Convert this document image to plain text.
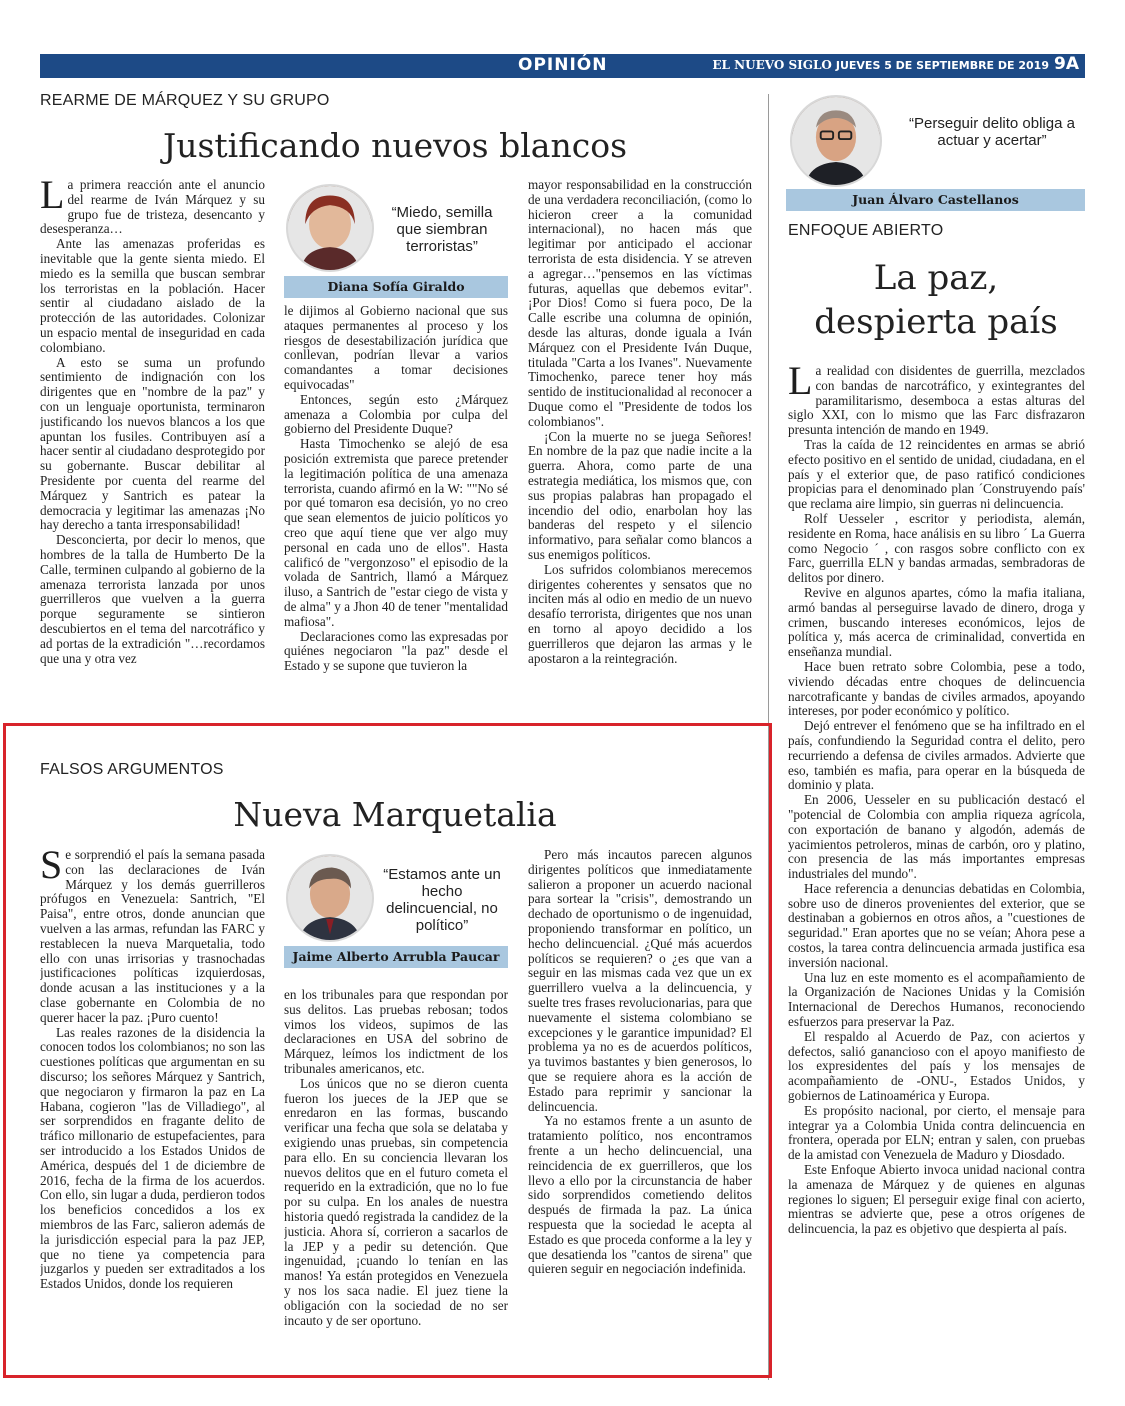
OPINIÓN	EL NUEVO SIGLO JUEVES 5 DE SEPTIEMBRE DE 2019 9A
REARME DE MÁRQUEZ Y SU GRUPO
Justificando nuevos blancos

La primera reacción ante el anuncio del rearme de Iván Márquez y su grupo fue de tristeza, desencanto y desesperanza…

Ante las amenazas proferidas es inevitable que la gente sienta miedo. El miedo es la semilla que buscan sembrar los terroristas en la población. Hacer sentir al ciudadano aislado de la protección de las autoridades. Colonizar un espacio mental de inseguridad en cada colombiano.

A esto se suma un profundo sentimiento de indignación con los dirigentes que en "nombre de la paz" y con un lenguaje oportunista, terminaron justificando los nuevos blancos a los que apuntan los fusiles. Contribuyen así a hacer sentir al ciudadano desprotegido por su gobernante. Buscar debilitar al Presidente por cuenta del rearme del Márquez y Santrich es patear la democracia y legitimar las amenazas ¡No hay derecho a tanta irresponsabilidad!

Desconcierta, por decir lo menos, que hombres de la talla de Humberto De la Calle, terminen culpando al gobierno de la amenaza terrorista lanzada por unos guerrilleros que vuelven a la guerra porque seguramente se sintieron descubiertos en el tema del narcotráfico y ad portas de la extradición "…recordamos que una y otra vez

“Miedo, semilla que siembran terroristas”
Diana Sofía Giraldo

le dijimos al Gobierno nacional que sus ataques permanentes al proceso y los riesgos de desestabilización jurídica que conllevan, podrían llevar a varios comandantes a tomar decisiones equivocadas"

Entonces, según esto ¿Márquez amenaza a Colombia por culpa del gobierno del Presidente Duque?

Hasta Timochenko se alejó de esa posición extremista que parece pretender la legitimación política de una amenaza terrorista, cuando afirmó en la W: ""No sé por qué tomaron esa decisión, yo no creo que sean elementos de juicio políticos yo creo que aquí tiene que ver algo muy personal en cada uno de ellos". Hasta calificó de "vergonzoso" el episodio de la volada de Santrich, llamó a Márquez iluso, a Santrich de "estar ciego de vista y de alma" y a Jhon 40 de tener "mentalidad mafiosa".

Declaraciones como las expresadas por quiénes negociaron "la paz" desde el Estado y se supone que tuvieron la

mayor responsabilidad en la construcción de una verdadera reconciliación, (como lo hicieron creer a la comunidad internacional), no hacen más que legitimar por anticipado el accionar terrorista de esta disidencia. Y se atreven a agregar…"pensemos en las víctimas futuras, aquellas que debemos evitar". ¡Por Dios! Como si fuera poco, De la Calle escribe una columna de opinión, desde las alturas, donde iguala a Iván Márquez con el Presidente Iván Duque, titulada "Carta a los Ivanes". Nuevamente Timochenko, parece tener hoy más sentido de institucionalidad al reconocer a Duque como el "Presidente de todos los colombianos".

¡Con la muerte no se juega Señores! En nombre de la paz que nadie incite a la guerra. Ahora, como parte de una estrategia mediática, los mismos que, con sus propias palabras han propagado el incendio del odio, enarbolan hoy las banderas del respeto y el silencio informativo, para señalar como blancos a sus enemigos políticos.

Los sufridos colombianos merecemos dirigentes coherentes y sensatos que no inciten más al odio en medio de un nuevo desafío terrorista, dirigentes que nos unan en torno al apoyo decidido a los guerrilleros que dejaron las armas y le apostaron a la reintegración.

FALSOS ARGUMENTOS
Nueva Marquetalia

Se sorprendió el país la semana pasada con las declaraciones de Iván Márquez y los demás guerrilleros prófugos en Venezuela: Santrich, "El Paisa", entre otros, donde anuncian que vuelven a las armas, refundan las FARC y restablecen la nueva Marquetalia, todo ello con unas irrisorias y trasnochadas justificaciones políticas izquierdosas, donde acusan a las instituciones y a la clase gobernante en Colombia de no querer hacer la paz. ¡Puro cuento!

Las reales razones de la disidencia la conocen todos los colombianos; no son las cuestiones políticas que argumentan en su discurso; los señores Márquez y Santrich, que negociaron y firmaron la paz en La Habana, cogieron "las de Villadiego", al ser sorprendidos en fragante delito de tráfico millonario de estupefacientes, para ser introducido a los Estados Unidos de América, después del 1 de diciembre de 2016, fecha de la firma de los acuerdos. Con ello, sin lugar a duda, perdieron todos los beneficios concedidos a los ex miembros de las Farc, salieron además de la jurisdicción especial para la paz JEP, que no tiene ya competencia para juzgarlos y pueden ser extraditados a los Estados Unidos, donde los requieren

“Estamos ante un hecho delincuencial, no político”
Jaime Alberto Arrubla Paucar

en los tribunales para que respondan por sus delitos. Las pruebas rebosan; todos vimos los videos, supimos de las declaraciones en USA del sobrino de Márquez, leímos los indictment de los tribunales americanos, etc.

Los únicos que no se dieron cuenta fueron los jueces de la JEP que se enredaron en las formas, buscando verificar una fecha que sola se delataba y exigiendo unas pruebas, sin competencia para ello. En su conciencia llevaran los nuevos delitos que en el futuro cometa el requerido en la extradición, que no lo fue por su culpa. En los anales de nuestra historia quedó registrada la candidez de la justicia. Ahora sí, corrieron a sacarlos de la JEP y a pedir su detención. Que ingenuidad, ¡cuando lo tenían en las manos! Ya están protegidos en Venezuela y nos los saca nadie. El juez tiene la obligación con la sociedad de no ser incauto y de ser oportuno.

Pero más incautos parecen algunos dirigentes políticos que inmediatamente salieron a proponer un acuerdo nacional para sortear la "crisis", demostrando un dechado de oportunismo o de ingenuidad, proponiendo transformar en político, un hecho delincuencial. ¿Qué más acuerdos políticos se requieren? o ¿es que van a seguir en las mismas cada vez que un ex guerrillero vuelva a la delincuencia, y suelte tres frases revolucionarias, para que nuevamente el sistema colombiano se excepciones y le garantice impunidad? El problema ya no es de acuerdos políticos, ya tuvimos bastantes y bien generosos, lo que se requiere ahora es la acción de Estado para reprimir y sancionar la delincuencia.

Ya no estamos frente a un asunto de tratamiento político, nos encontramos frente a un hecho delincuencial, una reincidencia de ex guerrilleros, que los llevo a ello por la circunstancia de haber sido sorprendidos cometiendo delitos después de firmada la paz. La única respuesta que la sociedad le acepta al Estado es que proceda conforme a la ley y que desatienda los "cantos de sirena" que quieren seguir en negociación indefinida.

“Perseguir delito obliga a actuar y acertar”
Juan Álvaro Castellanos
ENFOQUE ABIERTO
La paz,
despierta país

La realidad con disidentes de guerrilla, mezclados con bandas de narcotráfico, y exintegrantes del paramilitarismo, desemboca a estas alturas del siglo XXI, con lo mismo que las Farc disfrazaron presunta intención de mando en 1949.

Tras la caída de 12 reincidentes en armas se abrió efecto positivo en el sentido de unidad, ciudadana, en el país y el exterior que, de paso ratificó condiciones propicias para el denominado plan ´Construyendo país' que reclama aire limpio, sin guerras ni delincuencia.

Rolf Uesseler , escritor y periodista, alemán, residente en Roma, hace análisis en su libro ´ La Guerra como Negocio ´ , con rasgos sobre conflicto con ex Farc, guerrilla ELN y bandas armadas, sembradoras de delitos por dinero.

Revive en algunos apartes, cómo la mafia italiana, armó bandas al perseguirse lavado de dinero, droga y crimen, buscando intereses económicos, lejos de política y, más acerca de criminalidad, convertida en enseñanza mundial.

Hace buen retrato sobre Colombia, pese a todo, viviendo décadas entre choques de delincuencia narcotraficante y bandas de civiles armados, apoyando intereses, por poder económico y político.

Dejó entrever el fenómeno que se ha infiltrado en el país, confundiendo la Seguridad contra el delito, pero recurriendo a defensa de civiles armados. Advierte que eso, también es mafia, para operar en la búsqueda de dominio y plata.

En 2006, Uesseler en su publicación destacó el "potencial de Colombia con amplia riqueza agrícola, con exportación de banano y algodón, además de yacimientos petroleros, minas de carbón, oro y platino, con presencia de las más importantes empresas industriales del mundo".

Hace referencia a denuncias debatidas en Colombia, sobre uso de dineros provenientes del exterior, que se destinaban a gobiernos en otros años, a "cuestiones de seguridad." Eran aportes que no se veían; Ahora pese a costos, la tarea contra delincuencia armada justifica esa inversión nacional.

Una luz en este momento es el acompañamiento de la Organización de Naciones Unidas y la Comisión Internacional de Derechos Humanos, reconociendo esfuerzos para preservar la Paz.

El respaldo al Acuerdo de Paz, con aciertos y defectos, salió ganancioso con el apoyo manifiesto de los expresidentes del país y los mensajes de acompañamiento de -ONU-, Estados Unidos, y gobiernos de Latinoamérica y Europa.

Es propósito nacional, por cierto, el mensaje para integrar ya a Colombia Unida contra delincuencia en frontera, operada por ELN; entran y salen, con pruebas de la amistad con Venezuela de Maduro y Diosdado.

Este Enfoque Abierto invoca unidad nacional contra la amenaza de Márquez y de quienes en algunas regiones lo siguen; El perseguir exige final con acierto, mientras se advierte que, pese a otros orígenes de delincuencia, la paz es objetivo que despierta al país.
